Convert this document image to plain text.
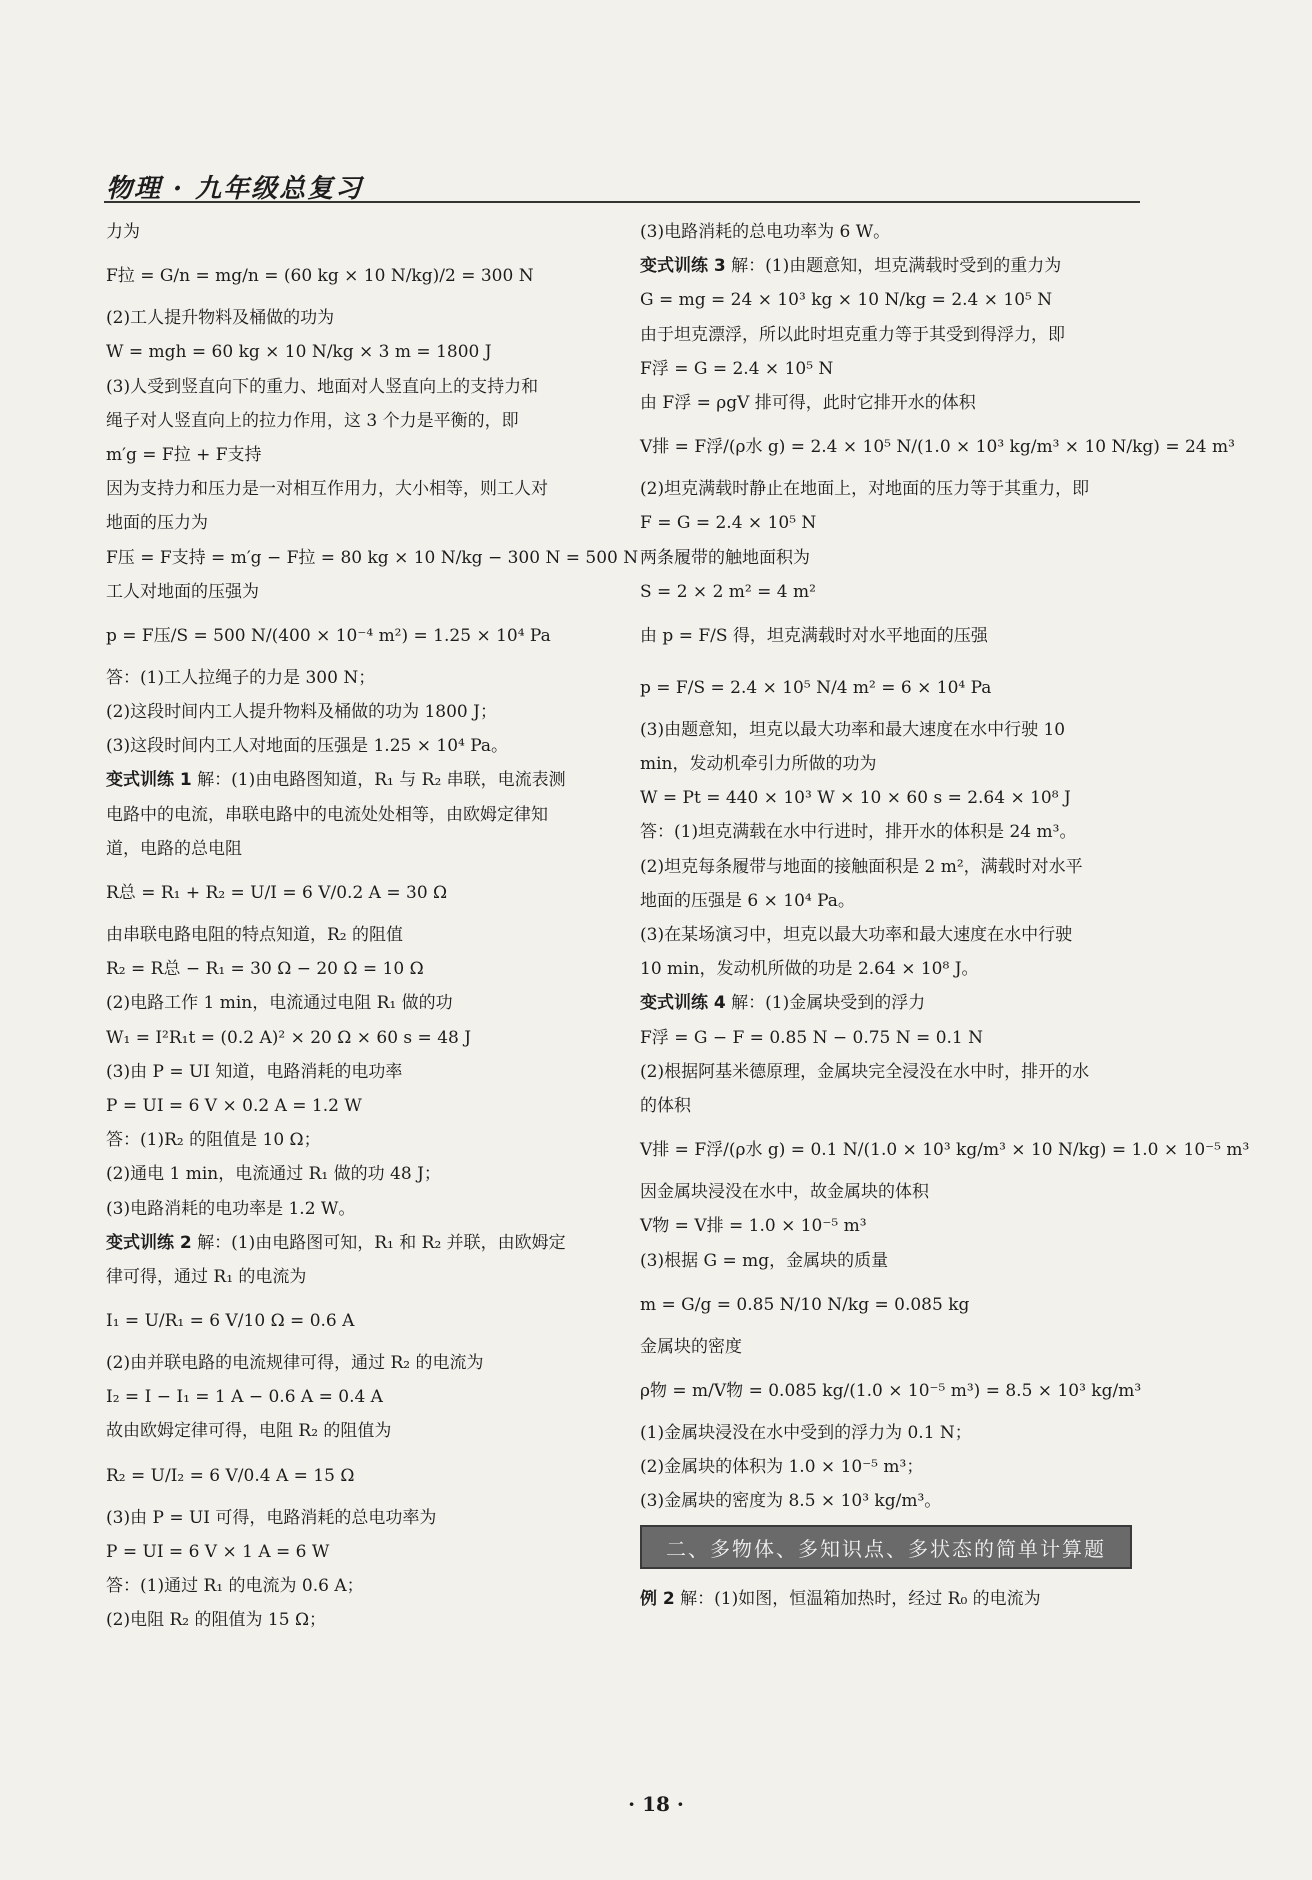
物理 · 九年级总复习
力为
F拉 = G/n = mg/n = (60 kg × 10 N/kg)/2 = 300 N
(2)工人提升物料及桶做的功为
W = mgh = 60 kg × 10 N/kg × 3 m = 1800 J
(3)人受到竖直向下的重力、地面对人竖直向上的支持力和
绳子对人竖直向上的拉力作用，这 3 个力是平衡的，即
m′g = F拉 + F支持
因为支持力和压力是一对相互作用力，大小相等，则工人对
地面的压力为
F压 = F支持 = m′g − F拉 = 80 kg × 10 N/kg − 300 N = 500 N
工人对地面的压强为
p = F压/S = 500 N/(400 × 10⁻⁴ m²) = 1.25 × 10⁴ Pa
答：(1)工人拉绳子的力是 300 N；
(2)这段时间内工人提升物料及桶做的功为 1800 J；
(3)这段时间内工人对地面的压强是 1.25 × 10⁴ Pa。
变式训练 1 解：(1)由电路图知道，R₁ 与 R₂ 串联，电流表测
电路中的电流，串联电路中的电流处处相等，由欧姆定律知
道，电路的总电阻
R总 = R₁ + R₂ = U/I = 6 V/0.2 A = 30 Ω
由串联电路电阻的特点知道，R₂ 的阻值
R₂ = R总 − R₁ = 30 Ω − 20 Ω = 10 Ω
(2)电路工作 1 min，电流通过电阻 R₁ 做的功
W₁ = I²R₁t = (0.2 A)² × 20 Ω × 60 s = 48 J
(3)由 P = UI 知道，电路消耗的电功率
P = UI = 6 V × 0.2 A = 1.2 W
答：(1)R₂ 的阻值是 10 Ω；
(2)通电 1 min，电流通过 R₁ 做的功 48 J；
(3)电路消耗的电功率是 1.2 W。
变式训练 2 解：(1)由电路图可知，R₁ 和 R₂ 并联，由欧姆定
律可得，通过 R₁ 的电流为
I₁ = U/R₁ = 6 V/10 Ω = 0.6 A
(2)由并联电路的电流规律可得，通过 R₂ 的电流为
I₂ = I − I₁ = 1 A − 0.6 A = 0.4 A
故由欧姆定律可得，电阻 R₂ 的阻值为
R₂ = U/I₂ = 6 V/0.4 A = 15 Ω
(3)由 P = UI 可得，电路消耗的总电功率为
P = UI = 6 V × 1 A = 6 W
答：(1)通过 R₁ 的电流为 0.6 A；
(2)电阻 R₂ 的阻值为 15 Ω；
(3)电路消耗的总电功率为 6 W。
变式训练 3 解：(1)由题意知，坦克满载时受到的重力为
G = mg = 24 × 10³ kg × 10 N/kg = 2.4 × 10⁵ N
由于坦克漂浮，所以此时坦克重力等于其受到得浮力，即
F浮 = G = 2.4 × 10⁵ N
由 F浮 = ρgV 排可得，此时它排开水的体积
V排 = F浮/(ρ水 g) = 2.4 × 10⁵ N/(1.0 × 10³ kg/m³ × 10 N/kg) = 24 m³
(2)坦克满载时静止在地面上，对地面的压力等于其重力，即
F = G = 2.4 × 10⁵ N
两条履带的触地面积为
S = 2 × 2 m² = 4 m²
由 p = F/S 得，坦克满载时对水平地面的压强
p = F/S = 2.4 × 10⁵ N/4 m² = 6 × 10⁴ Pa
(3)由题意知，坦克以最大功率和最大速度在水中行驶 10
min，发动机牵引力所做的功为
W = Pt = 440 × 10³ W × 10 × 60 s = 2.64 × 10⁸ J
答：(1)坦克满载在水中行进时，排开水的体积是 24 m³。
(2)坦克每条履带与地面的接触面积是 2 m²，满载时对水平
地面的压强是 6 × 10⁴ Pa。
(3)在某场演习中，坦克以最大功率和最大速度在水中行驶
10 min，发动机所做的功是 2.64 × 10⁸ J。
变式训练 4 解：(1)金属块受到的浮力
F浮 = G − F = 0.85 N − 0.75 N = 0.1 N
(2)根据阿基米德原理，金属块完全浸没在水中时，排开的水
的体积
V排 = F浮/(ρ水 g) = 0.1 N/(1.0 × 10³ kg/m³ × 10 N/kg) = 1.0 × 10⁻⁵ m³
因金属块浸没在水中，故金属块的体积
V物 = V排 = 1.0 × 10⁻⁵ m³
(3)根据 G = mg，金属块的质量
m = G/g = 0.85 N/10 N/kg = 0.085 kg
金属块的密度
ρ物 = m/V物 = 0.085 kg/(1.0 × 10⁻⁵ m³) = 8.5 × 10³ kg/m³
(1)金属块浸没在水中受到的浮力为 0.1 N；
(2)金属块的体积为 1.0 × 10⁻⁵ m³；
(3)金属块的密度为 8.5 × 10³ kg/m³。
二、多物体、多知识点、多状态的简单计算题
例 2 解：(1)如图，恒温箱加热时，经过 R₀ 的电流为
· 18 ·
